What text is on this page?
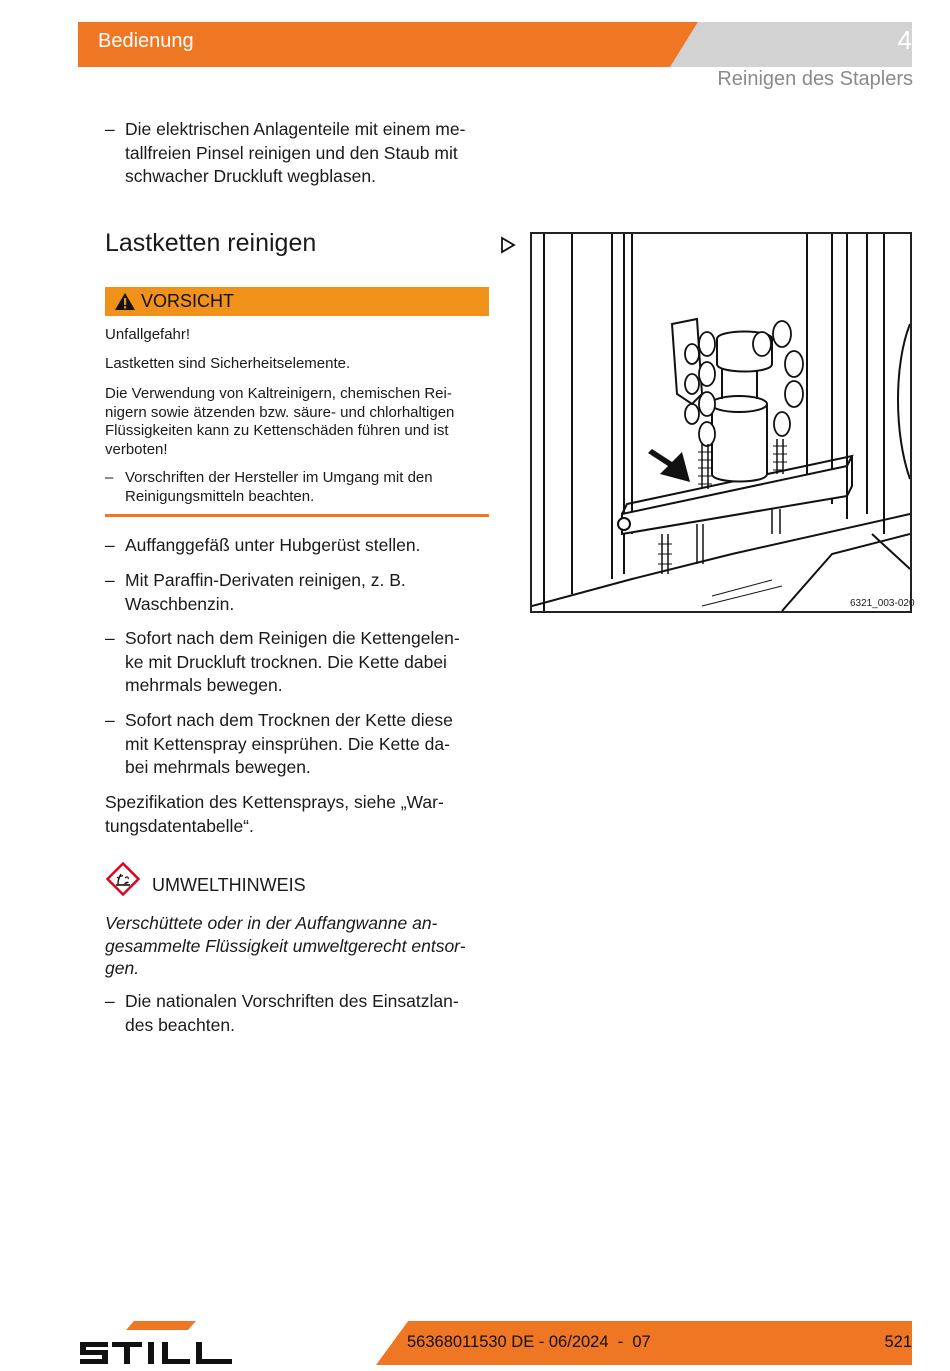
Bedienung	4
Reinigen des Staplers
– Die elektrischen Anlagenteile mit einem me-
tallfreien Pinsel reinigen und den Staub mit
schwacher Druckluft wegblasen.
Lastketten reinigen
VORSICHT
Unfallgefahr!
Lastketten sind Sicherheitselemente.
Die Verwendung von Kaltreinigern, chemischen Rei-
nigern sowie ätzenden bzw. säure- und chlorhaltigen
Flüssigkeiten kann zu Kettenschäden führen und ist
verboten!
– Vorschriften der Hersteller im Umgang mit den
Reinigungsmitteln beachten.
– Auffanggefäß unter Hubgerüst stellen.
– Mit Paraffin-Derivaten reinigen, z. B.
Waschbenzin.
– Sofort nach dem Reinigen die Kettengelen-
ke mit Druckluft trocknen. Die Kette dabei
mehrmals bewegen.
– Sofort nach dem Trocknen der Kette diese
mit Kettenspray einsprühen. Die Kette da-
bei mehrmals bewegen.
Spezifikation des Kettensprays, siehe „War-
tungsdatentabelle“.
UMWELTHINWEIS
Verschüttete oder in der Auffangwanne an-
gesammelte Flüssigkeit umweltgerecht entsor-
gen.
– Die nationalen Vorschriften des Einsatzlan-
des beachten.
6321_003-020
56368011530 DE - 06/2024  -  07	521
